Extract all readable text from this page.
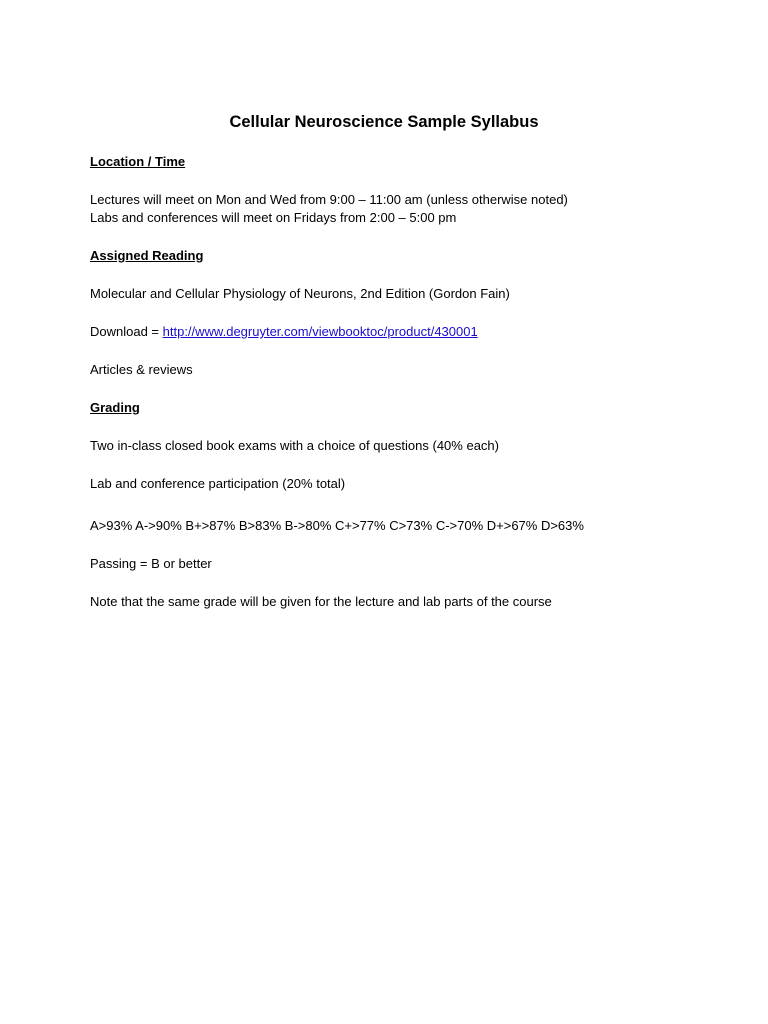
Cellular Neuroscience Sample Syllabus

Location / Time

Lectures will meet on Mon and Wed from 9:00 – 11:00 am (unless otherwise noted)

Labs and conferences will meet on Fridays from 2:00 – 5:00 pm

Assigned Reading

Molecular and Cellular Physiology of Neurons, 2nd Edition (Gordon Fain)

Download = http://www.degruyter.com/viewbooktoc/product/430001

Articles & reviews

Grading

Two in-class closed book exams with a choice of questions (40% each)

Lab and conference participation (20% total)

A>93% A->90% B+>87% B>83% B->80% C+>77% C>73% C->70% D+>67% D>63%

Passing = B or better

Note that the same grade will be given for the lecture and lab parts of the course
